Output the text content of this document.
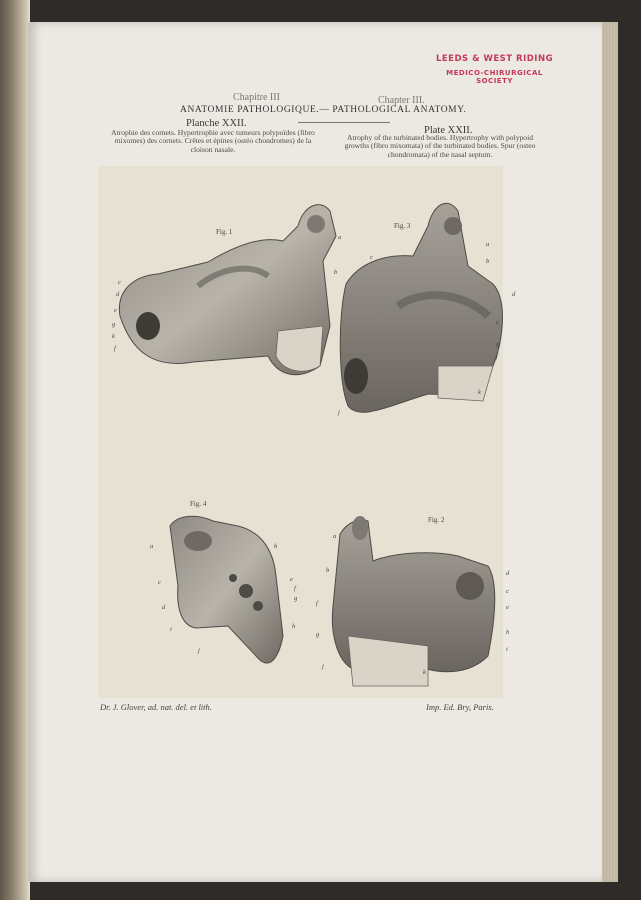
LEEDS & WEST RIDING
MEDICO-CHIRURGICAL SOCIETY
Chapitre III	Chapter III.
ANATOMIE PATHOLOGIQUE.— PATHOLOGICAL ANATOMY.
Planche XXII.
Plate XXII.
Atrophie des cornets. Hypertrophie avec tumeurs polypoïdes (fibro mixomes) des cornets. Crêtes et épines (ostéo chondromes) de la cloison nasale.
Atrophy of the turbinated bodies. Hypertrophy with polypoid growths (fibro mixomata) of the turbinated bodies. Spur (osteo chondromata) of the nasal septum.
Fig. 1
Fig. 3
Fig. 4
Fig. 2
a
b
c
d
e
g
k
f
a
b
c
d
e
f
g
j
k
a	b
c
d
e
f
g
h
i
j
a
b
f
g
j
d
c
e
h
i
k
Dr. J. Glover, ad. nat. del. et lith.	Imp. Ed. Bry, Paris.
